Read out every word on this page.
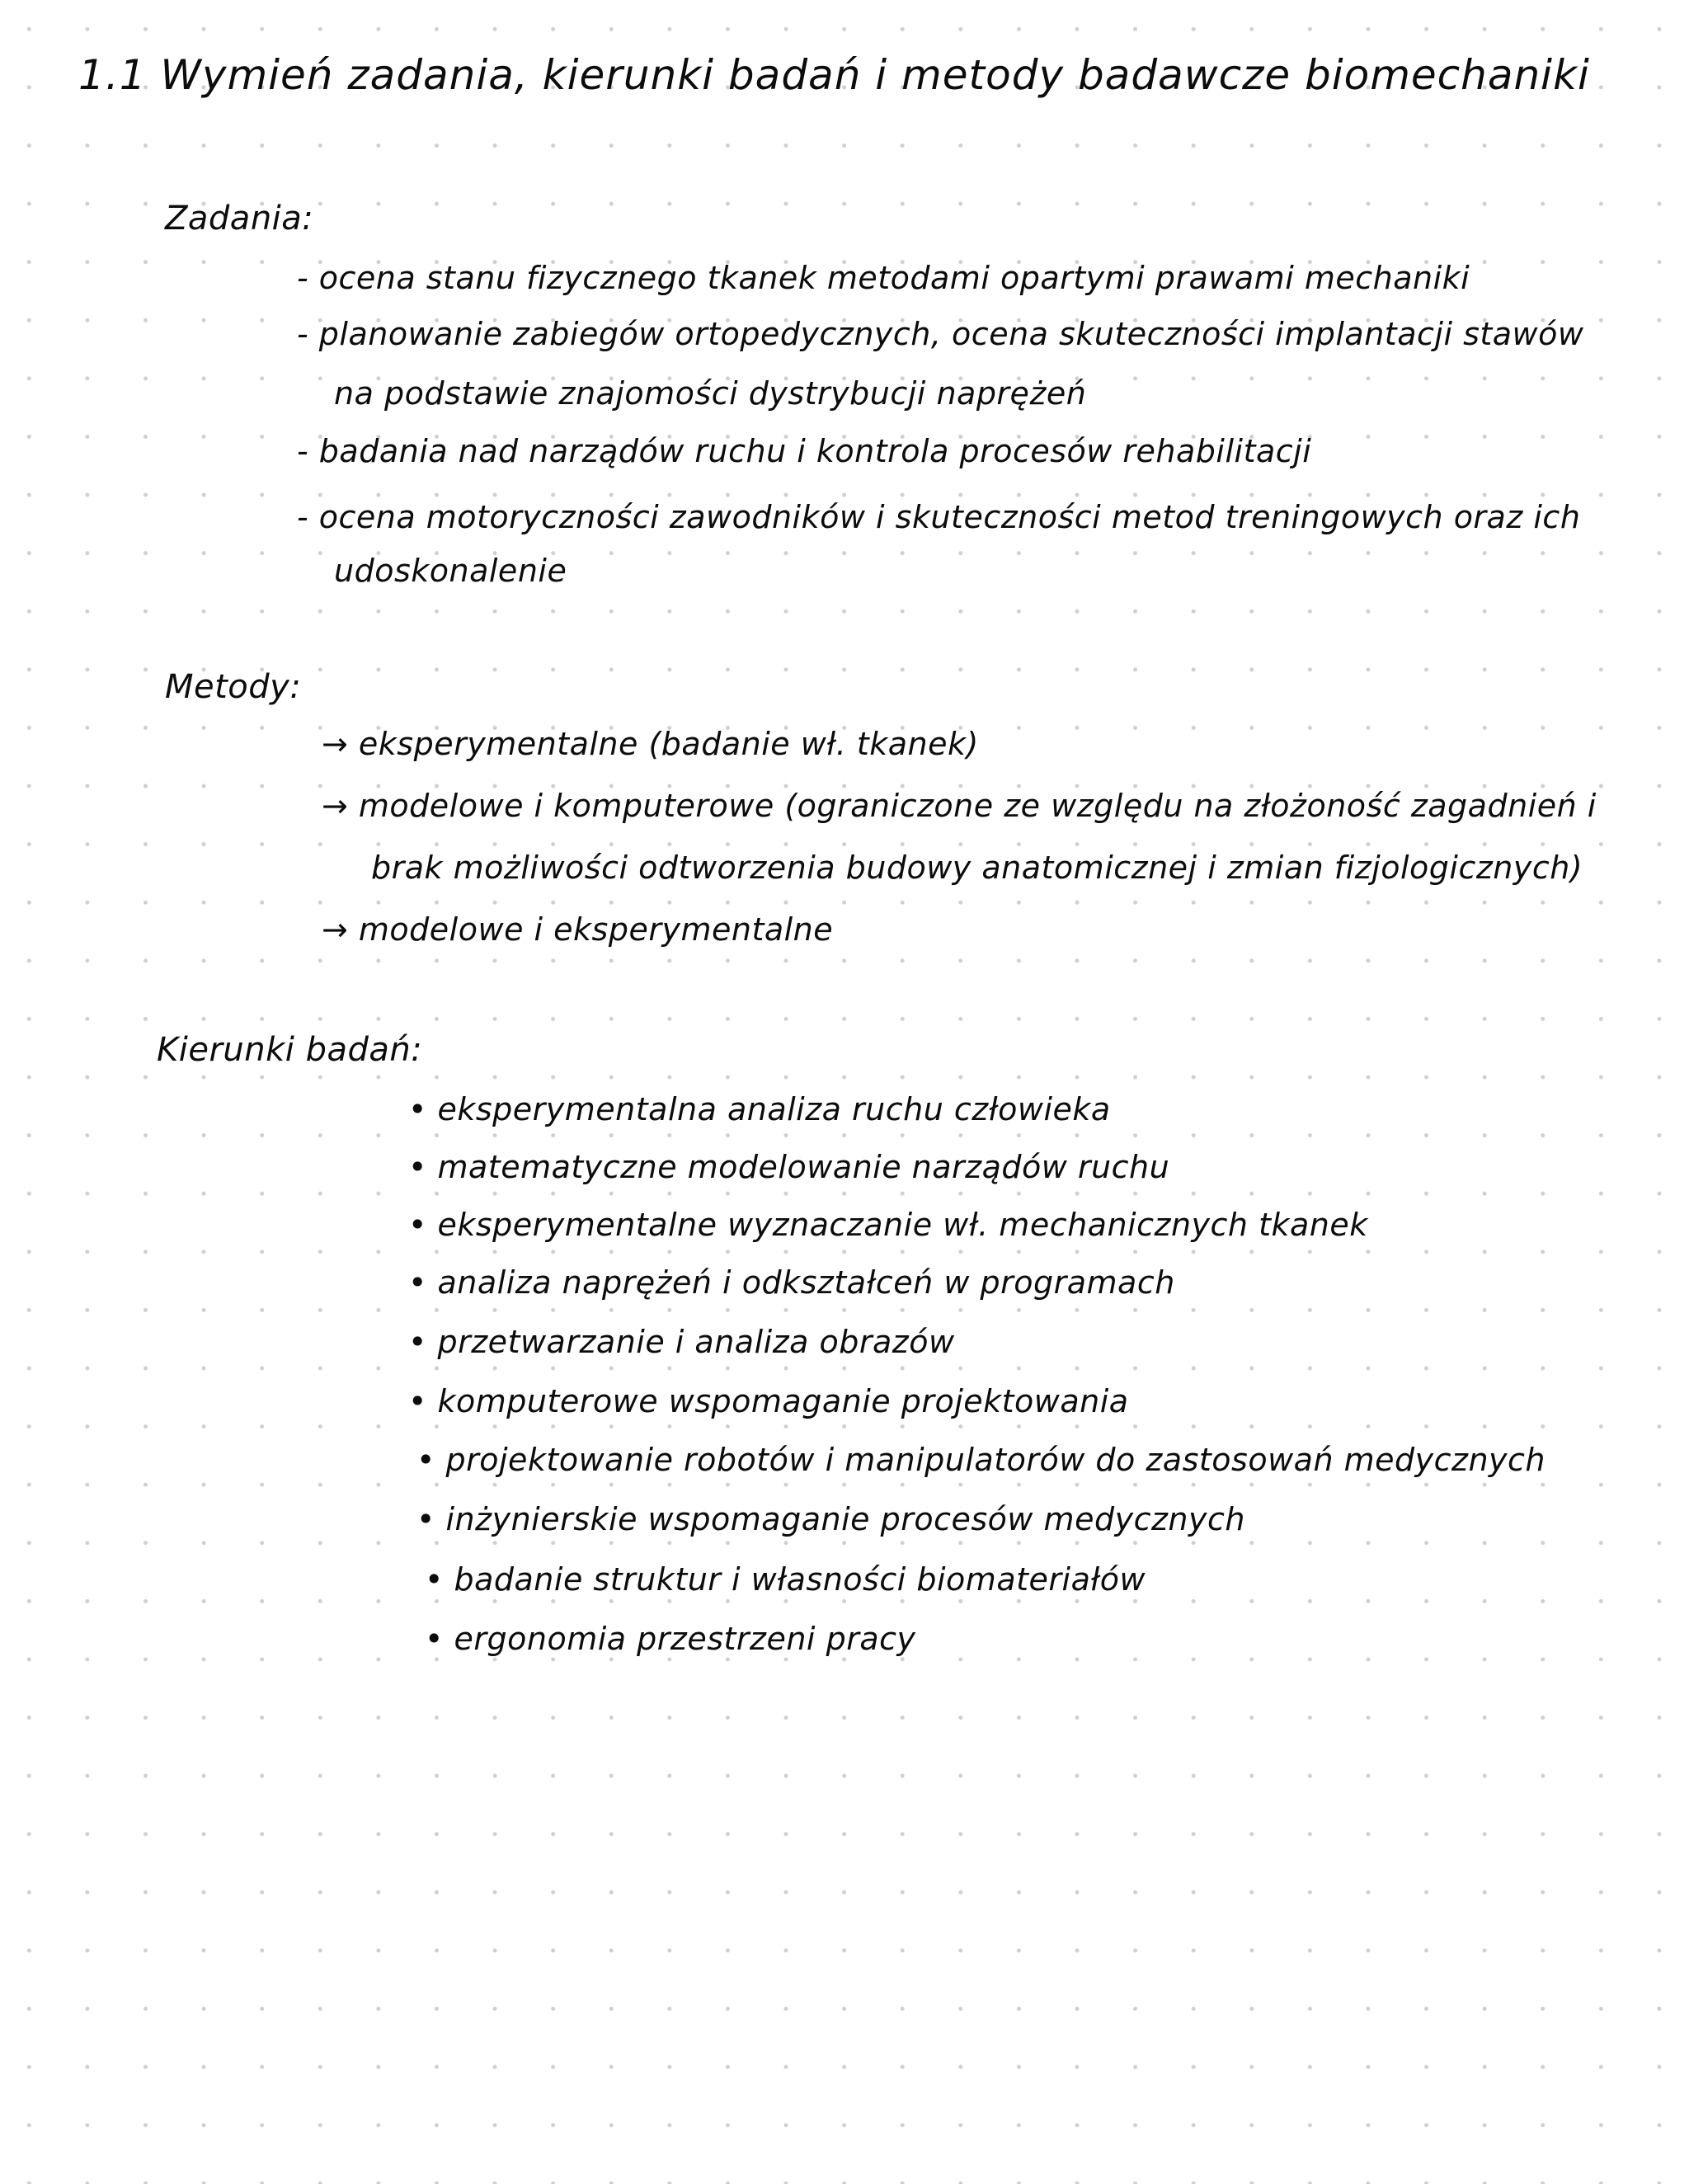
1.1 Wymień zadania, kierunki badań i metody badawcze biomechaniki

Zadania:

- ocena stanu fizycznego tkanek metodami opartymi prawami mechaniki

- planowanie zabiegów ortopedycznych, ocena skuteczności implantacji stawów

na podstawie znajomości dystrybucji naprężeń

- badania nad narządów ruchu i kontrola procesów rehabilitacji

- ocena motoryczności zawodników i skuteczności metod treningowych oraz ich

udoskonalenie

Metody:

→ eksperymentalne (badanie wł. tkanek)

→ modelowe i komputerowe (ograniczone ze względu na złożoność zagadnień i

brak możliwości odtworzenia budowy anatomicznej i zmian fizjologicznych)

→ modelowe i eksperymentalne

Kierunki badań:

• eksperymentalna analiza ruchu człowieka

• matematyczne modelowanie narządów ruchu

• eksperymentalne wyznaczanie wł. mechanicznych tkanek

• analiza naprężeń i odkształceń w programach

• przetwarzanie i analiza obrazów

• komputerowe wspomaganie projektowania

• projektowanie robotów i manipulatorów do zastosowań medycznych

• inżynierskie wspomaganie procesów medycznych

• badanie struktur i własności biomateriałów

• ergonomia przestrzeni pracy
